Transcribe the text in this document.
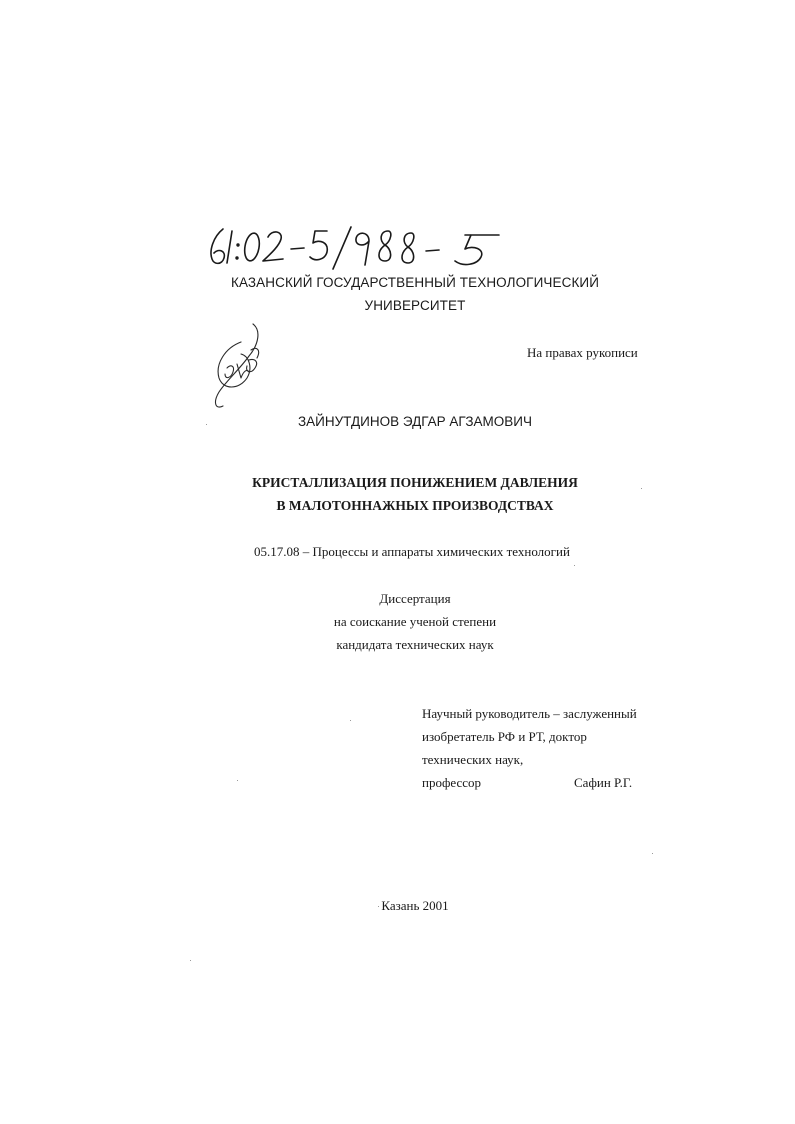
КАЗАНСКИЙ ГОСУДАРСТВЕННЫЙ ТЕХНОЛОГИЧЕСКИЙ
УНИВЕРСИТЕТ
На правах рукописи
ЗАЙНУТДИНОВ ЭДГАР АГЗАМОВИЧ
КРИСТАЛЛИЗАЦИЯ ПОНИЖЕНИЕМ ДАВЛЕНИЯ
В МАЛОТОННАЖНЫХ ПРОИЗВОДСТВАХ
05.17.08 – Процессы и аппараты химических технологий
Диссертация
на соискание ученой степени
кандидата технических наук
Научный руководитель – заслуженный
изобретатель РФ и РТ, доктор
технических наук,
профессор	Сафин Р.Г.
Казань 2001
